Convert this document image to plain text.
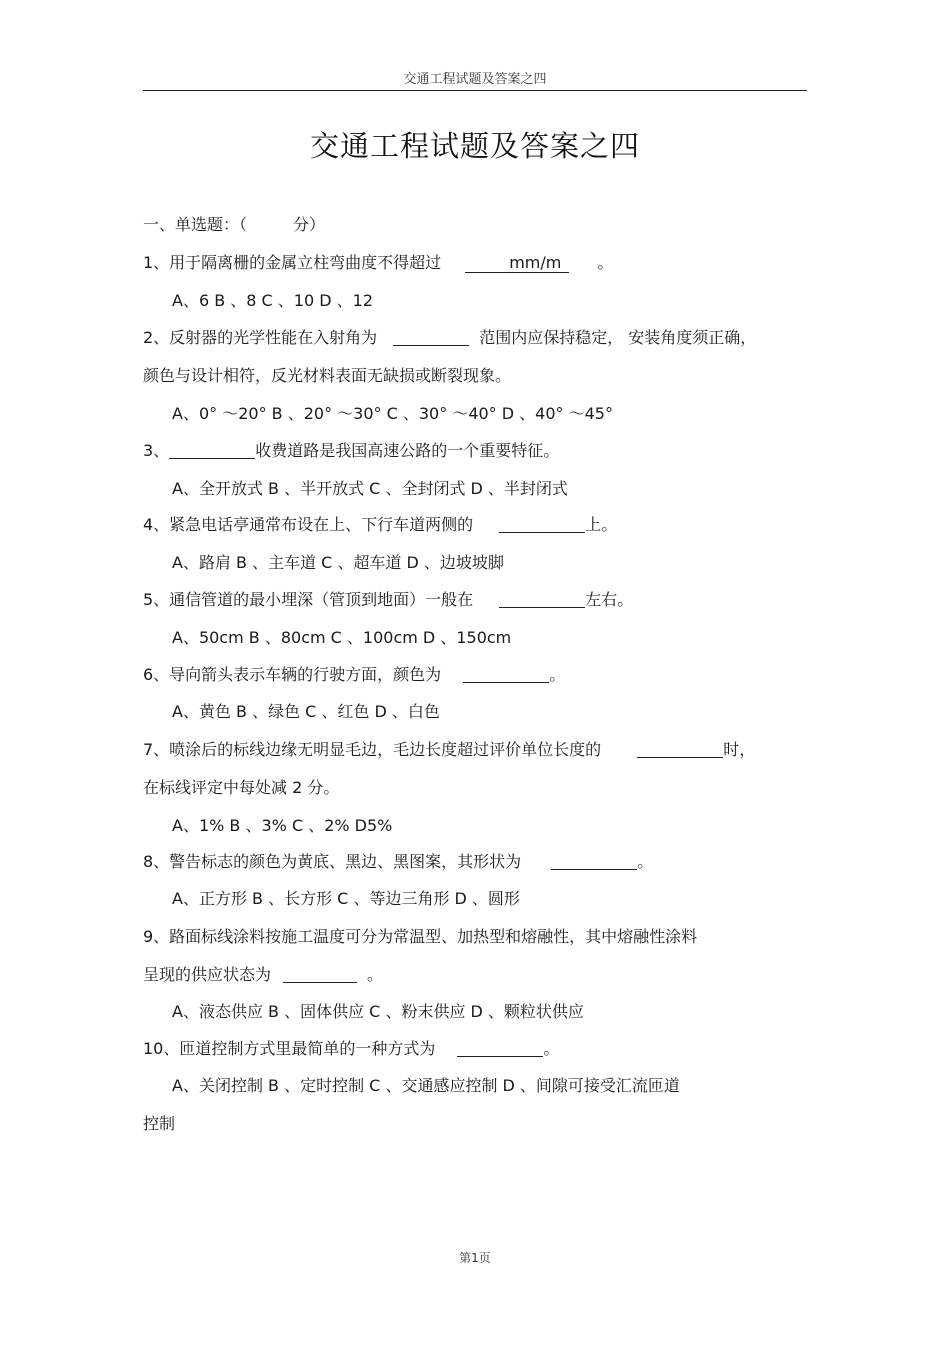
交通工程试题及答案之四
交通工程试题及答案之四
一、单选题：（	分）
1、用于隔离栅的金属立柱弯曲度不得超过	mm/m 。
A、6 B 、8 C 、10 D 、12
2、反射器的光学性能在入射角为	范围内应保持稳定， 安装角度须正确，
颜色与设计相符，反光材料表面无缺损或断裂现象。
A、0° ～20° B 、20° ～30° C 、30° ～40° D 、40° ～45°
3、	收费道路是我国高速公路的一个重要特征。
A、全开放式 B 、半开放式 C 、全封闭式 D 、半封闭式
4、紧急电话亭通常布设在上、下行车道两侧的	上。
A、路肩 B 、主车道 C 、超车道 D 、边坡坡脚
5、通信管道的最小埋深（管顶到地面）一般在	左右。
A、50cm B 、80cm C 、100cm D 、150cm
6、导向箭头表示车辆的行驶方面，颜色为	。
A、黄色 B 、绿色 C 、红色 D 、白色
7、喷涂后的标线边缘无明显毛边，毛边长度超过评价单位长度的	时，
在标线评定中每处减 2 分。
A、1% B 、3% C 、2% D5%
8、警告标志的颜色为黄底、黑边、黑图案，其形状为	。
A、正方形 B 、长方形 C 、等边三角形 D 、圆形
9、路面标线涂料按施工温度可分为常温型、加热型和熔融性，其中熔融性涂料
呈现的供应状态为	。
A、液态供应 B 、固体供应 C 、粉末供应 D 、颗粒状供应
10、匝道控制方式里最简单的一种方式为	。
A、关闭控制 B 、定时控制 C 、交通感应控制 D 、间隙可接受汇流匝道
控制
第1页
